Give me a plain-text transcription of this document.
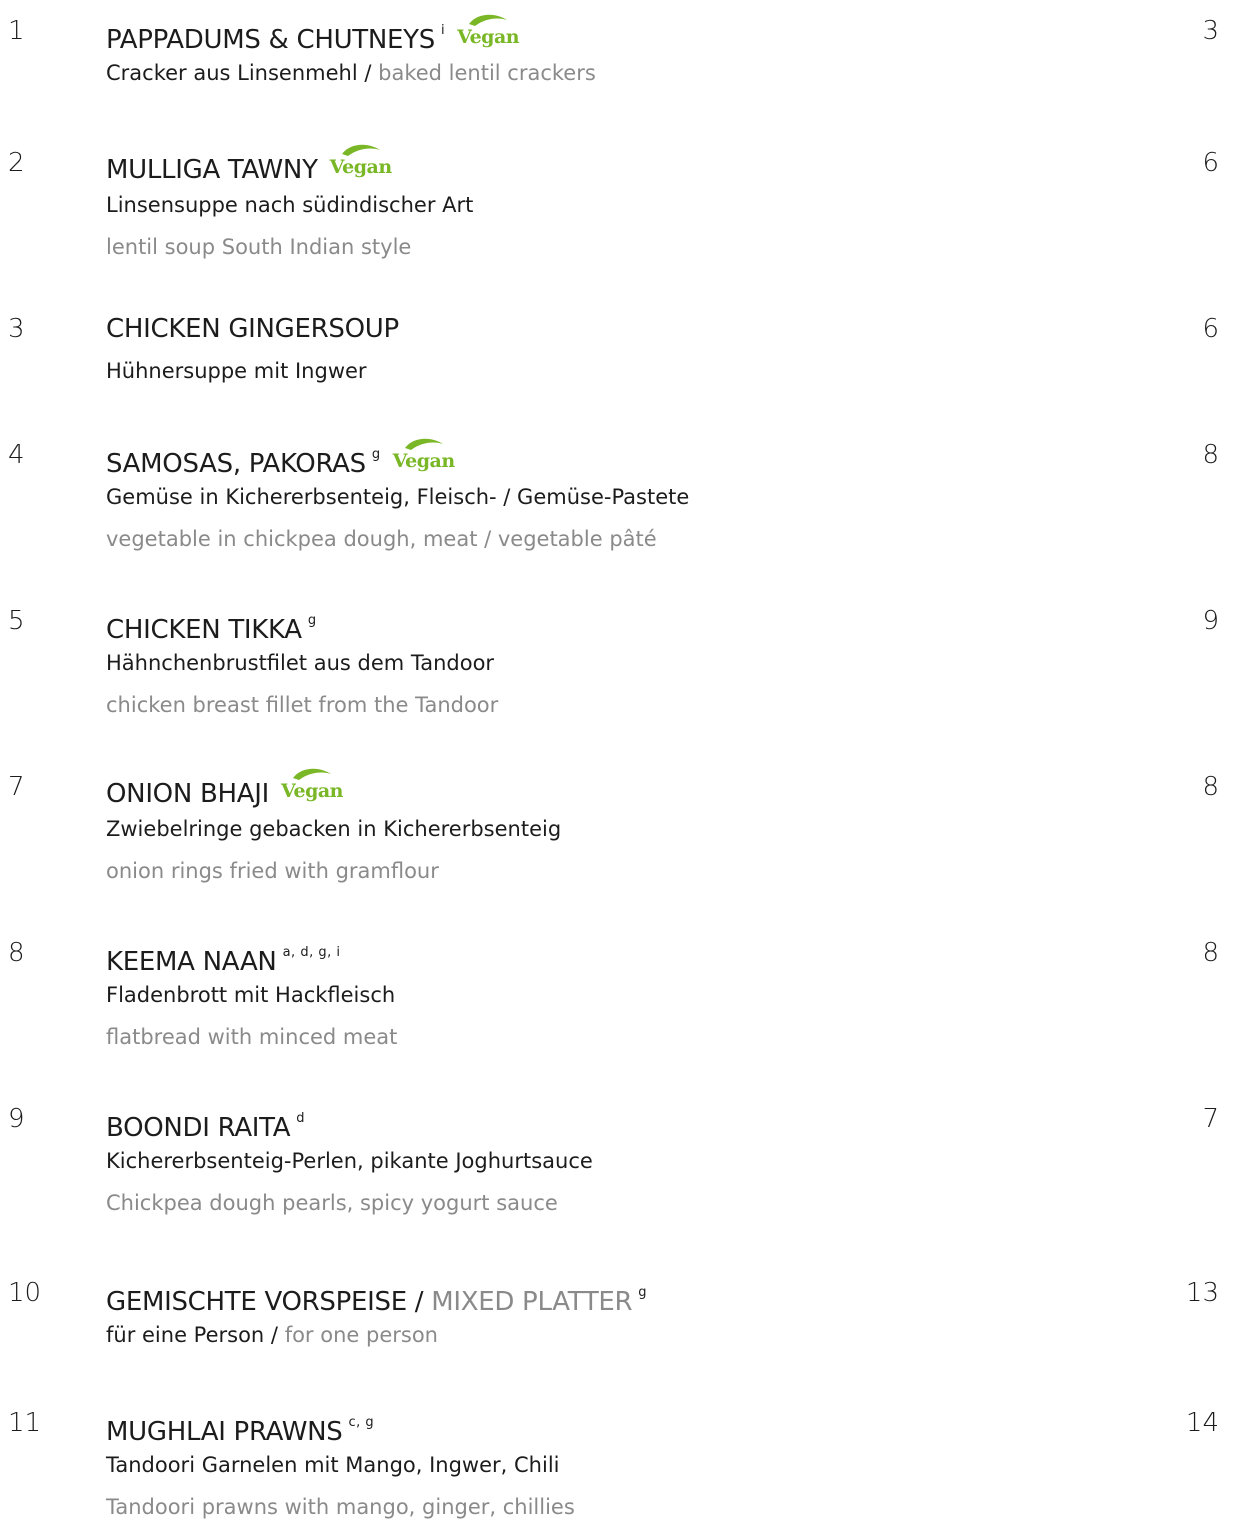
1	PAPPADUMS & CHUTNEYS $^i$ Vegan
Cracker aus Linsenmehl / baked lentil crackers
3
2	MULLIGA TAWNY Vegan
Linsensuppe nach südindischer Art
lentil soup South Indian style
6
3	CHICKEN GINGERSOUP
Hühnersuppe mit Ingwer
6
4	SAMOSAS, PAKORAS $^g$ Vegan
Gemüse in Kichererbsenteig, Fleisch- / Gemüse-Pastete
vegetable in chickpea dough, meat / vegetable pâté
8
5	CHICKEN TIKKA $^g$
Hähnchenbrustfilet aus dem Tandoor
chicken breast fillet from the Tandoor
9
7	ONION BHAJI Vegan
Zwiebelringe gebacken in Kichererbsenteig
onion rings fried with gramflour
8
8	KEEMA NAAN $^{a, d, g, i}$
Fladenbrott mit Hackfleisch
flatbread with minced meat
8
9	BOONDI RAITA $^d$
Kichererbsenteig-Perlen, pikante Joghurtsauce
Chickpea dough pearls, spicy yogurt sauce
7
10 GEMISCHTE VORSPEISE / MIXED PLATTER $^g$
für eine Person / for one person
13
11 MUGHLAI PRAWNS $^{c, g}$
Tandoori Garnelen mit Mango, Ingwer, Chili
Tandoori prawns with mango, ginger, chillies
14
